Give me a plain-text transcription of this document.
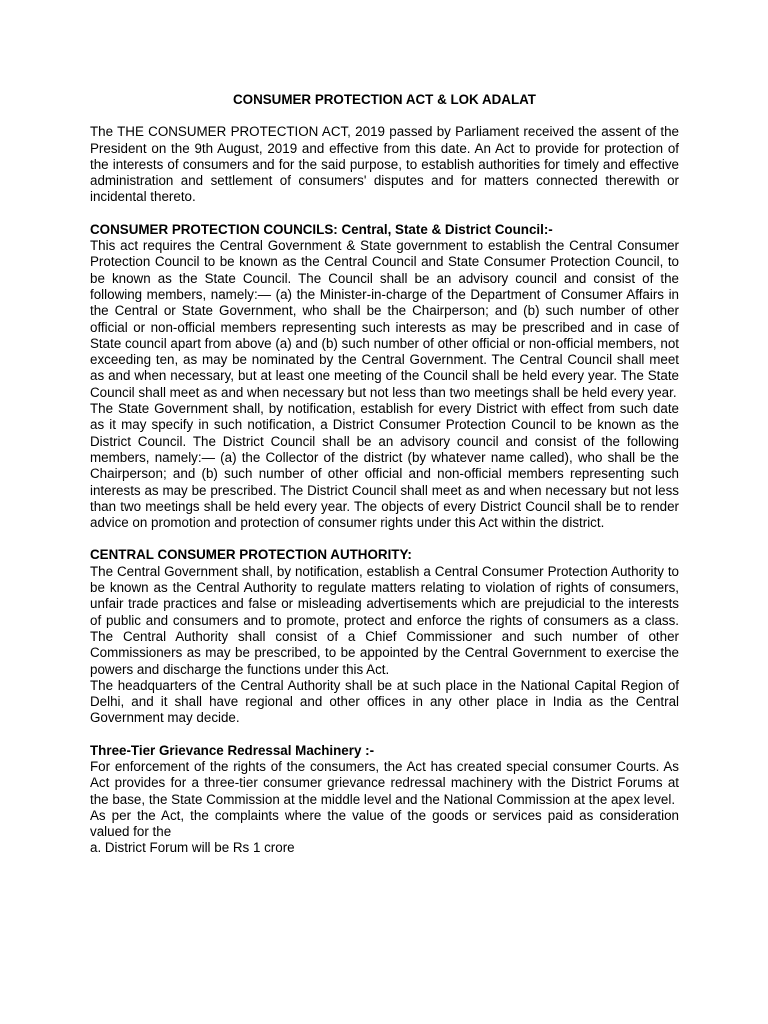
CONSUMER PROTECTION ACT & LOK ADALAT

The THE CONSUMER PROTECTION ACT, 2019 passed by Parliament received the assent of the President on the 9th August, 2019 and effective from this date. An Act to provide for protection of the interests of consumers and for the said purpose, to establish authorities for timely and effective administration and settlement of consumers' disputes and for matters connected therewith or incidental thereto.

CONSUMER PROTECTION COUNCILS: Central, State & District Council:-

This act requires the Central Government & State government to establish the Central Consumer Protection Council to be known as the Central Council and State Consumer Protection Council, to be known as the State Council. The Council shall be an advisory council and consist of the following members, namely:— (a) the Minister-in-charge of the Department of Consumer Affairs in the Central or State Government, who shall be the Chairperson; and (b) such number of other official or non-official members representing such interests as may be prescribed and in case of State council apart from above (a) and (b) such number of other official or non-official members, not exceeding ten, as may be nominated by the Central Government. The Central Council shall meet as and when necessary, but at least one meeting of the Council shall be held every year. The State Council shall meet as and when necessary but not less than two meetings shall be held every year.

The State Government shall, by notification, establish for every District with effect from such date as it may specify in such notification, a District Consumer Protection Council to be known as the District Council. The District Council shall be an advisory council and consist of the following members, namely:— (a) the Collector of the district (by whatever name called), who shall be the Chairperson; and (b) such number of other official and non-official members representing such interests as may be prescribed. The District Council shall meet as and when necessary but not less than two meetings shall be held every year. The objects of every District Council shall be to render advice on promotion and protection of consumer rights under this Act within the district.

CENTRAL CONSUMER PROTECTION AUTHORITY:

The Central Government shall, by notification, establish a Central Consumer Protection Authority to be known as the Central Authority to regulate matters relating to violation of rights of consumers, unfair trade practices and false or misleading advertisements which are prejudicial to the interests of public and consumers and to promote, protect and enforce the rights of consumers as a class. The Central Authority shall consist of a Chief Commissioner and such number of other Commissioners as may be prescribed, to be appointed by the Central Government to exercise the powers and discharge the functions under this Act.

The headquarters of the Central Authority shall be at such place in the National Capital Region of Delhi, and it shall have regional and other offices in any other place in India as the Central Government may decide.

Three-Tier Grievance Redressal Machinery :-

For enforcement of the rights of the consumers, the Act has created special consumer Courts. As Act provides for a three-tier consumer grievance redressal machinery with the District Forums at the base, the State Commission at the middle level and the National Commission at the apex level.

As per the Act, the complaints where the value of the goods or services paid as consideration valued for the

a. District Forum will be Rs 1 crore
